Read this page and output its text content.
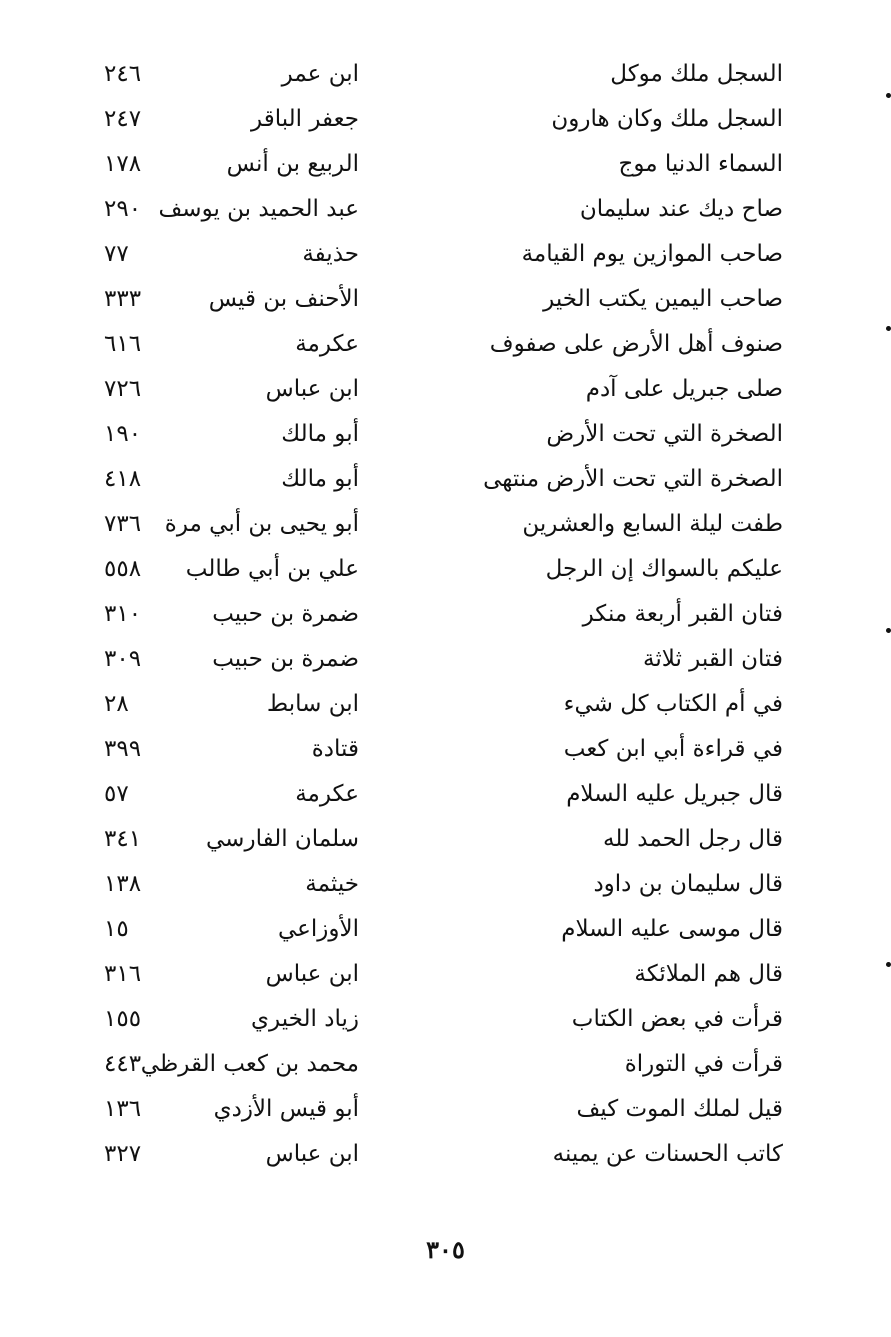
السجل ملك موكل
ابن عمر
٢٤٦
السجل ملك وكان هارون
جعفر الباقر
٢٤٧
السماء الدنيا موج
الربيع بن أنس
١٧٨
صاح ديك عند سليمان
عبد الحميد بن يوسف
٢٩٠
صاحب الموازين يوم القيامة
حذيفة
٧٧
صاحب اليمين يكتب الخير
الأحنف بن قيس
٣٣٣
صنوف أهل الأرض على صفوف
عكرمة
٦١٦
صلى جبريل على آدم
ابن عباس
٧٢٦
الصخرة التي تحت الأرض
أبو مالك
١٩٠
الصخرة التي تحت الأرض منتهى
أبو مالك
٤١٨
طفت ليلة السابع والعشرين
أبو يحيى بن أبي مرة
٧٣٦
عليكم بالسواك إن الرجل
علي بن أبي طالب
٥٥٨
فتان القبر أربعة منكر
ضمرة بن حبيب
٣١٠
فتان القبر ثلاثة
ضمرة بن حبيب
٣٠٩
في أم الكتاب كل شيء
ابن سابط
٢٨
في قراءة أبي ابن كعب
قتادة
٣٩٩
قال جبريل عليه السلام
عكرمة
٥٧
قال رجل الحمد لله
سلمان الفارسي
٣٤١
قال سليمان بن داود
خيثمة
١٣٨
قال موسى عليه السلام
الأوزاعي
١٥
قال هم الملائكة
ابن عباس
٣١٦
قرأت في بعض الكتاب
زياد الخيري
١٥٥
قرأت في التوراة
محمد بن كعب القرظي
٤٤٣
قيل لملك الموت كيف
أبو قيس الأزدي
١٣٦
كاتب الحسنات عن يمينه
ابن عباس
٣٢٧
٣٠٥
